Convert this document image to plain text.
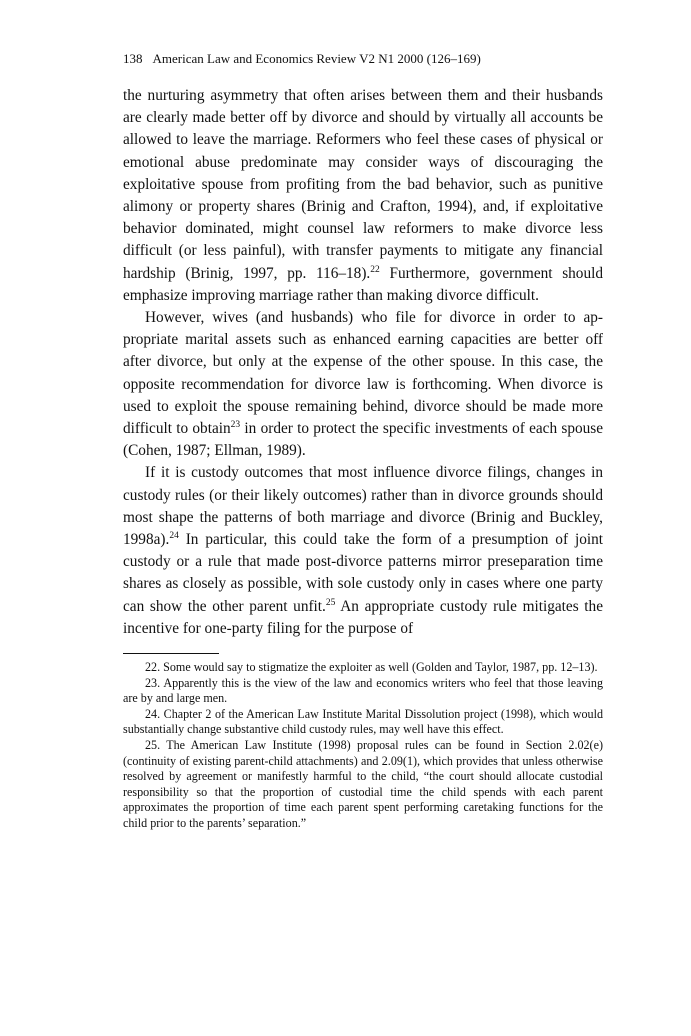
138 American Law and Economics Review V2 N1 2000 (126–169)

the nurturing asymmetry that often arises between them and their husbands are clearly made better off by divorce and should by virtually all accounts be allowed to leave the marriage. Reformers who feel these cases of physical or emotional abuse predominate may consider ways of discouraging the exploitative spouse from profiting from the bad behavior, such as punitive alimony or property shares (Brinig and Crafton, 1994), and, if exploitative behavior dominated, might counsel law reformers to make divorce less difficult (or less painful), with transfer payments to mitigate any financial hardship (Brinig, 1997, pp. 116–18).$^{22}$ Furthermore, government should emphasize improving marriage rather than making divorce difficult.

However, wives (and husbands) who file for divorce in order to appropriate marital assets such as enhanced earning capacities are better off after divorce, but only at the expense of the other spouse. In this case, the opposite recommendation for divorce law is forthcoming. When divorce is used to exploit the spouse remaining behind, divorce should be made more difficult to obtain$^{23}$ in order to protect the specific investments of each spouse (Cohen, 1987; Ellman, 1989).

If it is custody outcomes that most influence divorce filings, changes in custody rules (or their likely outcomes) rather than in divorce grounds should most shape the patterns of both marriage and divorce (Brinig and Buckley, 1998a).$^{24}$ In particular, this could take the form of a presumption of joint custody or a rule that made post-divorce patterns mirror preseparation time shares as closely as possible, with sole custody only in cases where one party can show the other parent unfit.$^{25}$ An appropriate custody rule mitigates the incentive for one-party filing for the purpose of

22. Some would say to stigmatize the exploiter as well (Golden and Taylor, 1987, pp. 12–13).

23. Apparently this is the view of the law and economics writers who feel that those leaving are by and large men.

24. Chapter 2 of the American Law Institute Marital Dissolution project (1998), which would substantially change substantive child custody rules, may well have this effect.

25. The American Law Institute (1998) proposal rules can be found in Section 2.02(e) (continuity of existing parent-child attachments) and 2.09(1), which provides that unless otherwise resolved by agreement or manifestly harmful to the child, “the court should allocate custodial responsibility so that the proportion of custodial time the child spends with each parent approximates the proportion of time each parent spent performing caretaking functions for the child prior to the parents’ separation.”
